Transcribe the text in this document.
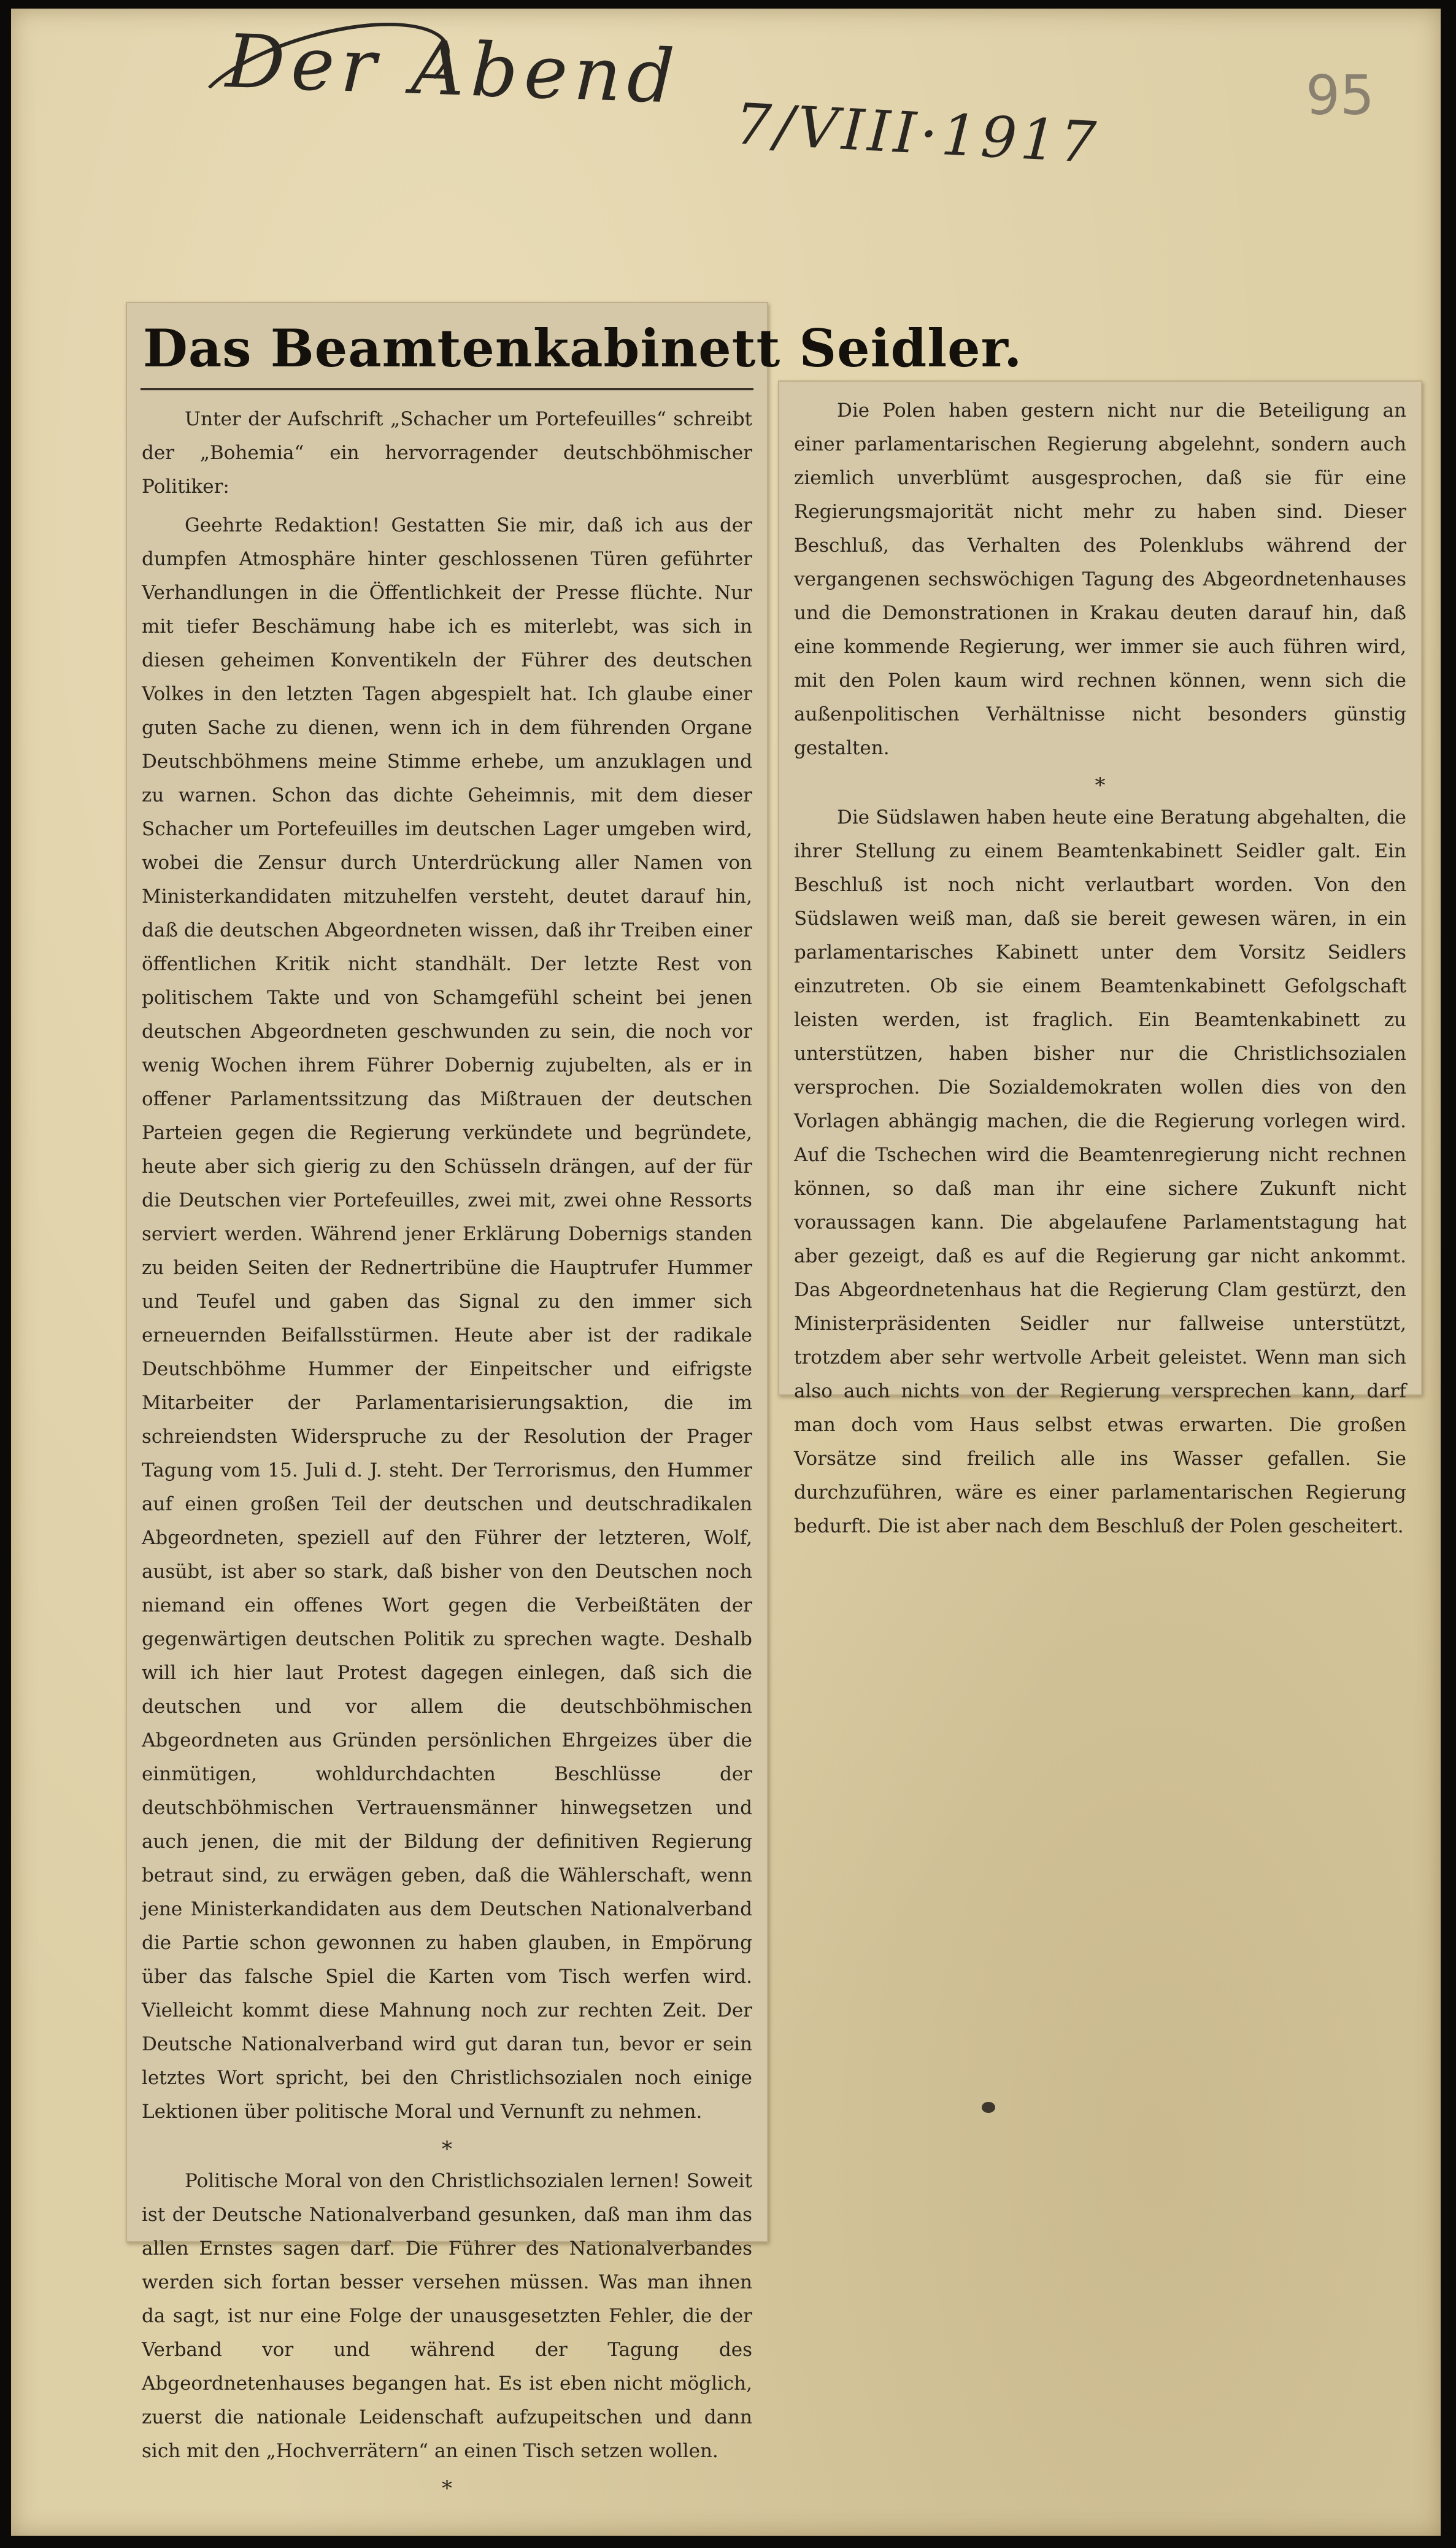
Der Abend
7/VIII·1917	95
Das Beamtenkabinett Seidler.

Unter der Aufschrift „Schacher um Portefeuilles“ schreibt der „Bohemia“ ein hervorragender deutschböhmischer Politiker:

Geehrte Redaktion! Gestatten Sie mir, daß ich aus der dumpfen Atmosphäre hinter geschlossenen Türen geführter Verhandlungen in die Öffentlichkeit der Presse flüchte. Nur mit tiefer Beschämung habe ich es miterlebt, was sich in diesen geheimen Konventikeln der Führer des deutschen Volkes in den letzten Tagen abgespielt hat. Ich glaube einer guten Sache zu dienen, wenn ich in dem führenden Organe Deutschböhmens meine Stimme erhebe, um anzuklagen und zu warnen. Schon das dichte Geheimnis, mit dem dieser Schacher um Portefeuilles im deutschen Lager umgeben wird, wobei die Zensur durch Unterdrückung aller Namen von Ministerkandidaten mitzuhelfen versteht, deutet darauf hin, daß die deutschen Abgeordneten wissen, daß ihr Treiben einer öffentlichen Kritik nicht standhält. Der letzte Rest von politischem Takte und von Schamgefühl scheint bei jenen deutschen Abgeordneten geschwunden zu sein, die noch vor wenig Wochen ihrem Führer Dobernig zujubelten, als er in offener Parlamentssitzung das Mißtrauen der deutschen Parteien gegen die Regierung verkündete und begründete, heute aber sich gierig zu den Schüsseln drängen, auf der für die Deutschen vier Portefeuilles, zwei mit, zwei ohne Ressorts serviert werden. Während jener Erklärung Dobernigs standen zu beiden Seiten der Rednertribüne die Hauptrufer Hummer und Teufel und gaben das Signal zu den immer sich erneuernden Beifallsstürmen. Heute aber ist der radikale Deutschböhme Hummer der Einpeitscher und eifrigste Mitarbeiter der Parlamentarisierungsaktion, die im schreiendsten Widerspruche zu der Resolution der Prager Tagung vom 15. Juli d. J. steht. Der Terrorismus, den Hummer auf einen großen Teil der deutschen und deutschradikalen Abgeordneten, speziell auf den Führer der letzteren, Wolf, ausübt, ist aber so stark, daß bisher von den Deutschen noch niemand ein offenes Wort gegen die Verbeißtäten der gegenwärtigen deutschen Politik zu sprechen wagte. Deshalb will ich hier laut Protest dagegen einlegen, daß sich die deutschen und vor allem die deutschböhmischen Abgeordneten aus Gründen persönlichen Ehrgeizes über die einmütigen, wohldurchdachten Beschlüsse der deutschböhmischen Vertrauensmänner hinwegsetzen und auch jenen, die mit der Bildung der definitiven Regierung betraut sind, zu erwägen geben, daß die Wählerschaft, wenn jene Ministerkandidaten aus dem Deutschen Nationalverband die Partie schon gewonnen zu haben glauben, in Empörung über das falsche Spiel die Karten vom Tisch werfen wird. Vielleicht kommt diese Mahnung noch zur rechten Zeit. Der Deutsche Nationalverband wird gut daran tun, bevor er sein letztes Wort spricht, bei den Christlichsozialen noch einige Lektionen über politische Moral und Vernunft zu nehmen.

*

Politische Moral von den Christlichsozialen lernen! Soweit ist der Deutsche Nationalverband gesunken, daß man ihm das allen Ernstes sagen darf. Die Führer des Nationalverbandes werden sich fortan besser versehen müssen. Was man ihnen da sagt, ist nur eine Folge der unausgesetzten Fehler, die der Verband vor und während der Tagung des Abgeordnetenhauses begangen hat. Es ist eben nicht möglich, zuerst die nationale Leidenschaft aufzupeitschen und dann sich mit den „Hochverrätern“ an einen Tisch setzen wollen.

*

Die Polen haben gestern nicht nur die Beteiligung an einer parlamentarischen Regierung abgelehnt, sondern auch ziemlich unverblümt ausgesprochen, daß sie für eine Regierungsmajorität nicht mehr zu haben sind. Dieser Beschluß, das Verhalten des Polenklubs während der vergangenen sechswöchigen Tagung des Abgeordnetenhauses und die Demonstrationen in Krakau deuten darauf hin, daß eine kommende Regierung, wer immer sie auch führen wird, mit den Polen kaum wird rechnen können, wenn sich die außenpolitischen Verhältnisse nicht besonders günstig gestalten.

*

Die Südslawen haben heute eine Beratung abgehalten, die ihrer Stellung zu einem Beamtenkabinett Seidler galt. Ein Beschluß ist noch nicht verlautbart worden. Von den Südslawen weiß man, daß sie bereit gewesen wären, in ein parlamentarisches Kabinett unter dem Vorsitz Seidlers einzutreten. Ob sie einem Beamtenkabinett Gefolgschaft leisten werden, ist fraglich. Ein Beamtenkabinett zu unterstützen, haben bisher nur die Christlichsozialen versprochen. Die Sozialdemokraten wollen dies von den Vorlagen abhängig machen, die die Regierung vorlegen wird. Auf die Tschechen wird die Beamtenregierung nicht rechnen können, so daß man ihr eine sichere Zukunft nicht voraussagen kann. Die abgelaufene Parlamentstagung hat aber gezeigt, daß es auf die Regierung gar nicht ankommt. Das Abgeordnetenhaus hat die Regierung Clam gestürzt, den Ministerpräsidenten Seidler nur fallweise unterstützt, trotzdem aber sehr wertvolle Arbeit geleistet. Wenn man sich also auch nichts von der Regierung versprechen kann, darf man doch vom Haus selbst etwas erwarten. Die großen Vorsätze sind freilich alle ins Wasser gefallen. Sie durchzuführen, wäre es einer parlamentarischen Regierung bedurft. Die ist aber nach dem Beschluß der Polen gescheitert.
